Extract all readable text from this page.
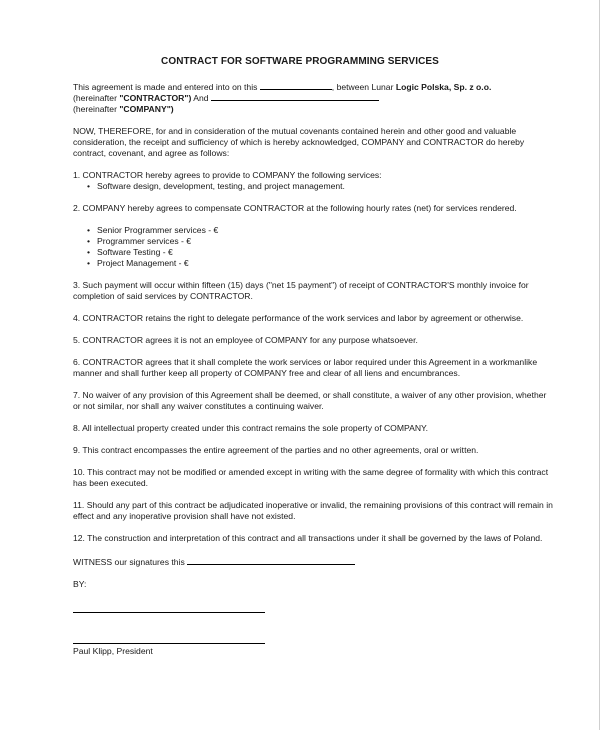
CONTRACT FOR SOFTWARE PROGRAMMING SERVICES

This agreement is made and entered into on this	, between Lunar Logic Polska, Sp. z o.o.

(hereinafter "CONTRACTOR") And

(hereinafter "COMPANY")

NOW, THEREFORE, for and in consideration of the mutual covenants contained herein and other good and valuable consideration, the receipt and sufficiency of which is hereby acknowledged, COMPANY and CONTRACTOR do hereby contract, covenant, and agree as follows:

1. CONTRACTOR hereby agrees to provide to COMPANY the following services:

• Software design, development, testing, and project management.

2. COMPANY hereby agrees to compensate CONTRACTOR at the following hourly rates (net) for services rendered.

• Senior Programmer services - €
• Programmer services - €
• Software Testing - €
• Project Management - €

3. Such payment will occur within fifteen (15) days ("net 15 payment") of receipt of CONTRACTOR'S monthly invoice for completion of said services by CONTRACTOR.

4. CONTRACTOR retains the right to delegate performance of the work services and labor by agreement or otherwise.

5. CONTRACTOR agrees it is not an employee of COMPANY for any purpose whatsoever.

6. CONTRACTOR agrees that it shall complete the work services or labor required under this Agreement in a workmanlike manner and shall further keep all property of COMPANY free and clear of all liens and encumbrances.

7. No waiver of any provision of this Agreement shall be deemed, or shall constitute, a waiver of any other provision, whether or not similar, nor shall any waiver constitutes a continuing waiver.

8. All intellectual property created under this contract remains the sole property of COMPANY.

9. This contract encompasses the entire agreement of the parties and no other agreements, oral or written.

10. This contract may not be modified or amended except in writing with the same degree of formality with which this contract has been executed.

11. Should any part of this contract be adjudicated inoperative or invalid, the remaining provisions of this contract will remain in effect and any inoperative provision shall have not existed.

12. The construction and interpretation of this contract and all transactions under it shall be governed by the laws of Poland.

WITNESS our signatures this

BY:

Paul Klipp, President
